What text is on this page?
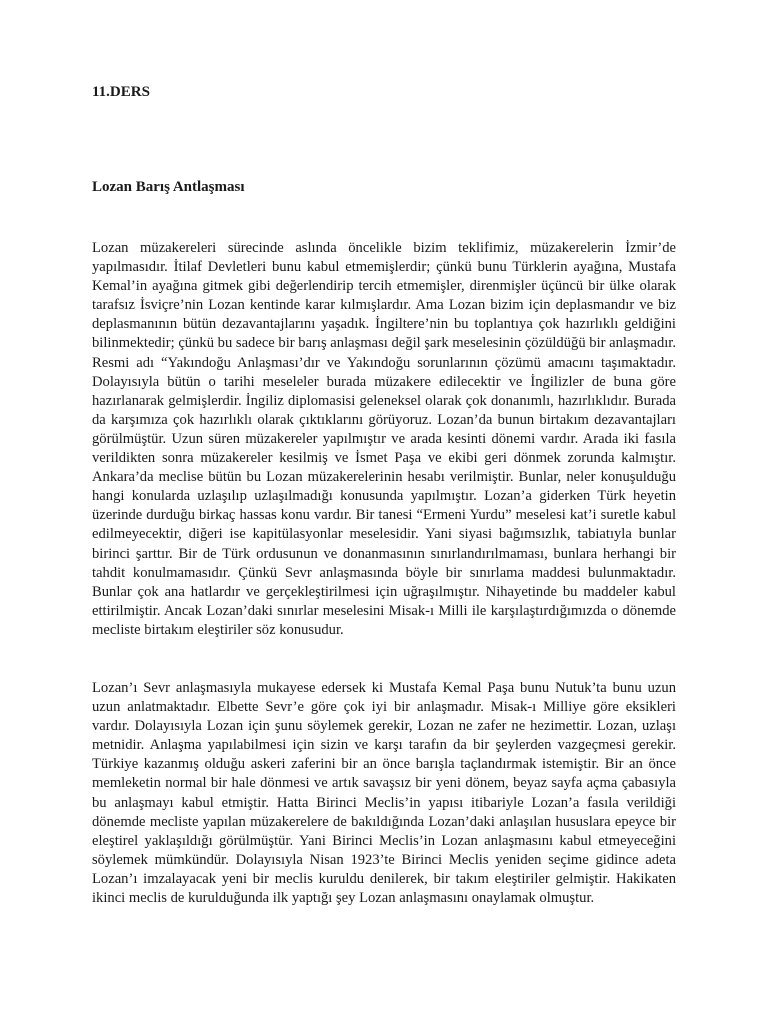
11.DERS
Lozan Barış Antlaşması

Lozan müzakereleri sürecinde aslında öncelikle bizim teklifimiz, müzakerelerin İzmir’de yapılmasıdır. İtilaf Devletleri bunu kabul etmemişlerdir; çünkü bunu Türklerin ayağına, Mustafa Kemal’in ayağına gitmek gibi değerlendirip tercih etmemişler, direnmişler üçüncü bir ülke olarak tarafsız İsviçre’nin Lozan kentinde karar kılmışlardır. Ama Lozan bizim için deplasmandır ve biz deplasmanının bütün dezavantajlarını yaşadık. İngiltere’nin bu toplantıya çok hazırlıklı geldiğini bilinmektedir; çünkü bu sadece bir barış anlaşması değil şark meselesinin çözüldüğü bir anlaşmadır. Resmi adı “Yakındoğu Anlaşması’dır ve Yakındoğu sorunlarının çözümü amacını taşımaktadır. Dolayısıyla bütün o tarihi meseleler burada müzakere edilecektir ve İngilizler de buna göre hazırlanarak gelmişlerdir. İngiliz diplomasisi geleneksel olarak çok donanımlı, hazırlıklıdır. Burada da karşımıza çok hazırlıklı olarak çıktıklarını görüyoruz. Lozan’da bunun birtakım dezavantajları görülmüştür. Uzun süren müzakereler yapılmıştır ve arada kesinti dönemi vardır. Arada iki fasıla verildikten sonra müzakereler kesilmiş ve İsmet Paşa ve ekibi geri dönmek zorunda kalmıştır. Ankara’da meclise bütün bu Lozan müzakerelerinin hesabı verilmiştir. Bunlar, neler konuşulduğu hangi konularda uzlaşılıp uzlaşılmadığı konusunda yapılmıştır. Lozan’a giderken Türk heyetin üzerinde durduğu birkaç hassas konu vardır. Bir tanesi “Ermeni Yurdu” meselesi kat’i suretle kabul edilmeyecektir, diğeri ise kapitülasyonlar meselesidir. Yani siyasi bağımsızlık, tabiatıyla bunlar birinci şarttır. Bir de Türk ordusunun ve donanmasının sınırlandırılmaması, bunlara herhangi bir tahdit konulmamasıdır. Çünkü Sevr anlaşmasında böyle bir sınırlama maddesi bulunmaktadır. Bunlar çok ana hatlardır ve gerçekleştirilmesi için uğraşılmıştır. Nihayetinde bu maddeler kabul ettirilmiştir. Ancak Lozan’daki sınırlar meselesini Misak-ı Milli ile karşılaştırdığımızda o dönemde mecliste birtakım eleştiriler söz konusudur.

Lozan’ı Sevr anlaşmasıyla mukayese edersek ki Mustafa Kemal Paşa bunu Nutuk’ta bunu uzun uzun anlatmaktadır. Elbette Sevr’e göre çok iyi bir anlaşmadır. Misak-ı Milliye göre eksikleri vardır. Dolayısıyla Lozan için şunu söylemek gerekir, Lozan ne zafer ne hezimettir. Lozan, uzlaşı metnidir. Anlaşma yapılabilmesi için sizin ve karşı tarafın da bir şeylerden vazgeçmesi gerekir. Türkiye kazanmış olduğu askeri zaferini bir an önce barışla taçlandırmak istemiştir. Bir an önce memleketin normal bir hale dönmesi ve artık savaşsız bir yeni dönem, beyaz sayfa açma çabasıyla bu anlaşmayı kabul etmiştir. Hatta Birinci Meclis’in yapısı itibariyle Lozan’a fasıla verildiği dönemde mecliste yapılan müzakerelere de bakıldığında Lozan’daki anlaşılan hususlara epeyce bir eleştirel yaklaşıldığı görülmüştür. Yani Birinci Meclis’in Lozan anlaşmasını kabul etmeyeceğini söylemek mümkündür. Dolayısıyla Nisan 1923’te Birinci Meclis yeniden seçime gidince adeta Lozan’ı imzalayacak yeni bir meclis kuruldu denilerek, bir takım eleştiriler gelmiştir. Hakikaten ikinci meclis de kurulduğunda ilk yaptığı şey Lozan anlaşmasını onaylamak olmuştur.
